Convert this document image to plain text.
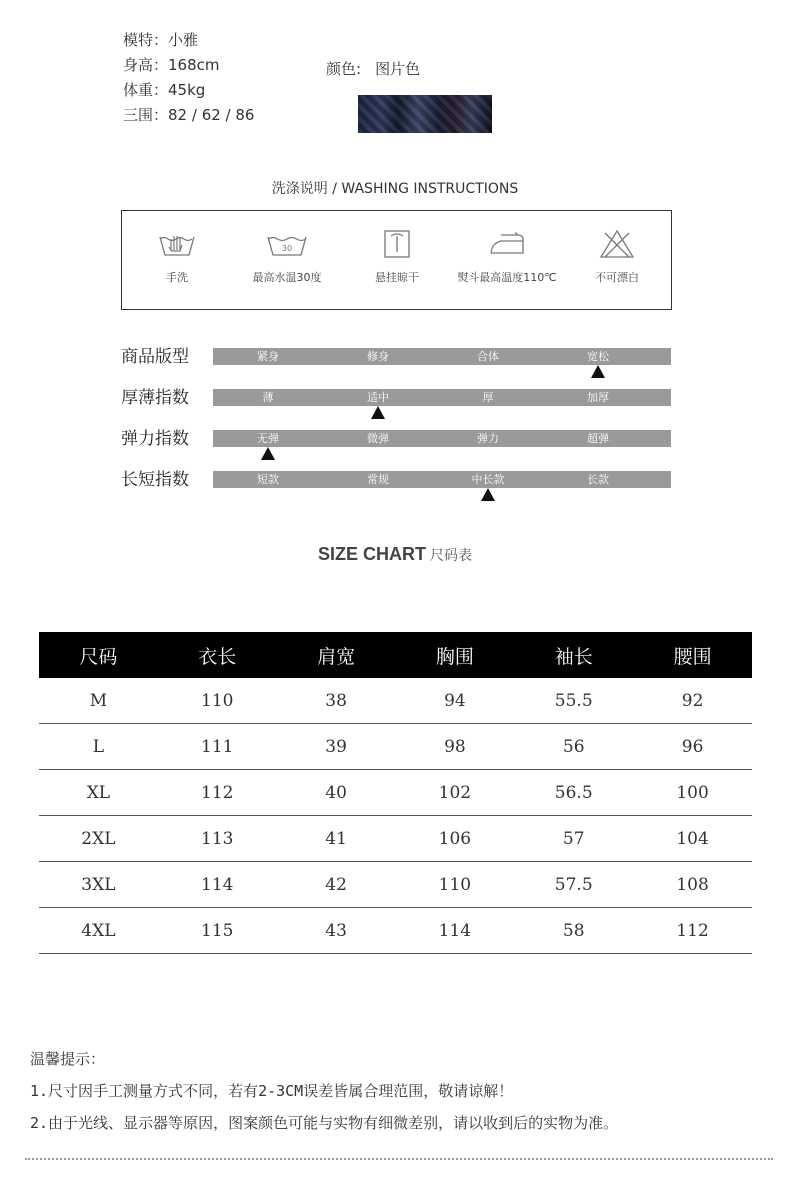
模特：小雅
身高：168cm
体重：45kg
三围：82 / 62 / 86
颜色: 图片色
洗涤说明 / WASHING INSTRUCTIONS
手洗
30
最高水温30度	悬挂晾干	熨斗最高温度110℃	不可漂白
商品版型	紧身	修身	合体	宽松
厚薄指数	薄	适中	厚	加厚
弹力指数	无弹	微弹	弹力	超弹
长短指数	短款	常规	中长款	长款
SIZE CHART 尺码表
尺码	衣长	肩宽	胸围	袖长	腰围
M	110	38	94	55.5	92
L	111	39	98	56	96
XL	112	40	102	56.5	100
2XL	113	41	106	57	104
3XL	114	42	110	57.5	108
4XL	115	43	114	58	112
温馨提示：
1.尺寸因手工测量方式不同，若有2-3CM误差皆属合理范围，敬请谅解！
2.由于光线、显示器等原因，图案颜色可能与实物有细微差别，请以收到后的实物为准。
